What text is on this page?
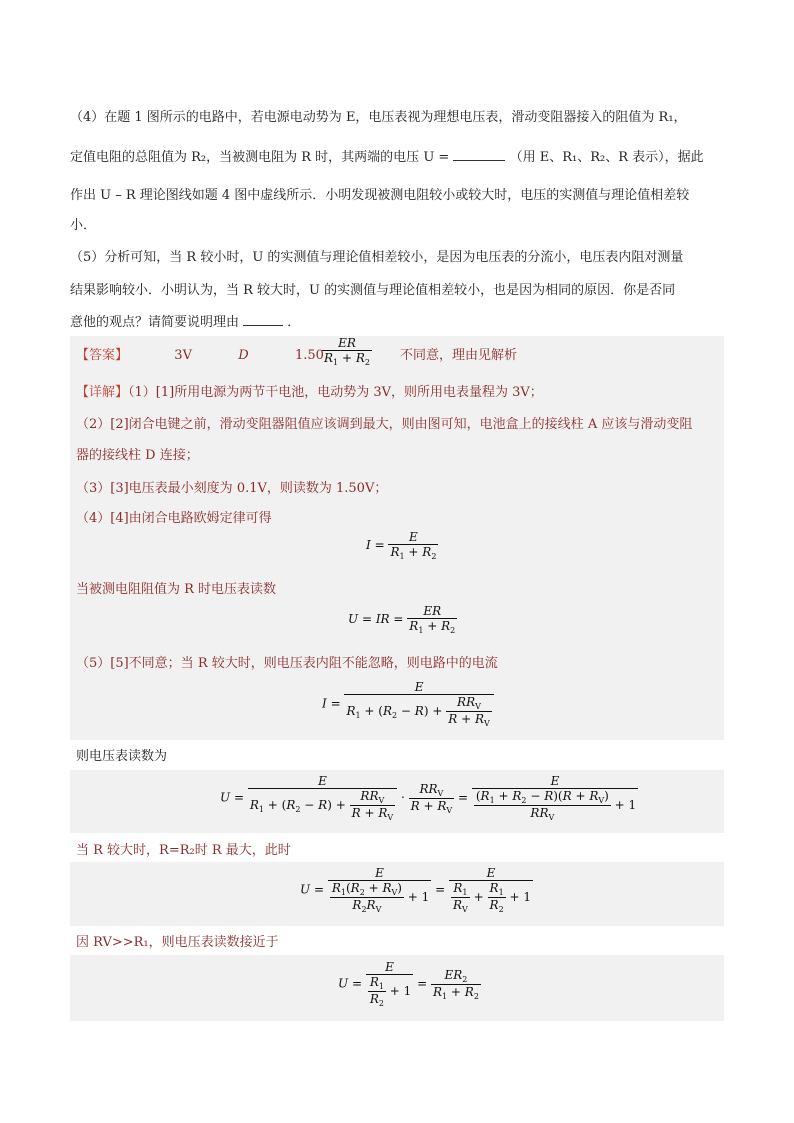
（4）在题 1 图所示的电路中，若电源电动势为 E，电压表视为理想电压表，滑动变阻器接入的阻值为 R₁，
定值电阻的总阻值为 R₂，当被测电阻为 R 时，其两端的电压 U =	（用 E、R₁、R₂、R 表示），据此
作出 U – R 理论图线如题 4 图中虚线所示．小明发现被测电阻较小或较大时，电压的实测值与理论值相差较
小．
（5）分析可知，当 R 较小时，U 的实测值与理论值相差较小，是因为电压表的分流小，电压表内阻对测量
结果影响较小．小明认为，当 R 较大时，U 的实测值与理论值相差较小，也是因为相同的原因．你是否同
意他的观点？请简要说明理由	．
【答案】	3V	D	1.50
$\frac{ER}{R_1 + R_2}$ 不同意，理由见解析
【详解】（1）[1]所用电源为两节干电池，电动势为 3V，则所用电表量程为 3V；
（2）[2]闭合电键之前，滑动变阻器阻值应该调到最大，则由图可知，电池盒上的接线柱 A 应该与滑动变阻
器的接线柱 D 连接；
（3）[3]电压表最小刻度为 0.1V，则读数为 1.50V；
（4）[4]由闭合电路欧姆定律可得
$I = \frac{E}{R_1 + R_2}$
当被测电阻阻值为 R 时电压表读数
U = IR = $\frac{ER}{R_1 + R_2}$
（5）[5]不同意；当 R 较大时，则电压表内阻不能忽略，则电路中的电流
$I = \frac{E}{R_1 + (R_2 - R) + \frac{RR_V}{R + R_V}}$
则电压表读数为
$U = \frac{E}{R_1 + (R_2 - R) + \frac{RR_V}{R + R_V}} \cdot \frac{RR_V}{R + R_V} = \frac{E}{\frac{(R_1 + R_2 - R)(R + R_V)}{RR_V} + 1}$
当 R 较大时，R=R₂时 R 最大，此时
$U = \frac{E}{\frac{R_1(R_2 + R_V)}{R_2R_V} + 1} = \frac{E}{\frac{R_1}{R_V} + \frac{R_1}{R_2} + 1}$
因 RV>>R₁，则电压表读数接近于
$U = \frac{E}{\frac{R_1}{R_2} + 1} = \frac{ER_2}{R_1 + R_2}$
